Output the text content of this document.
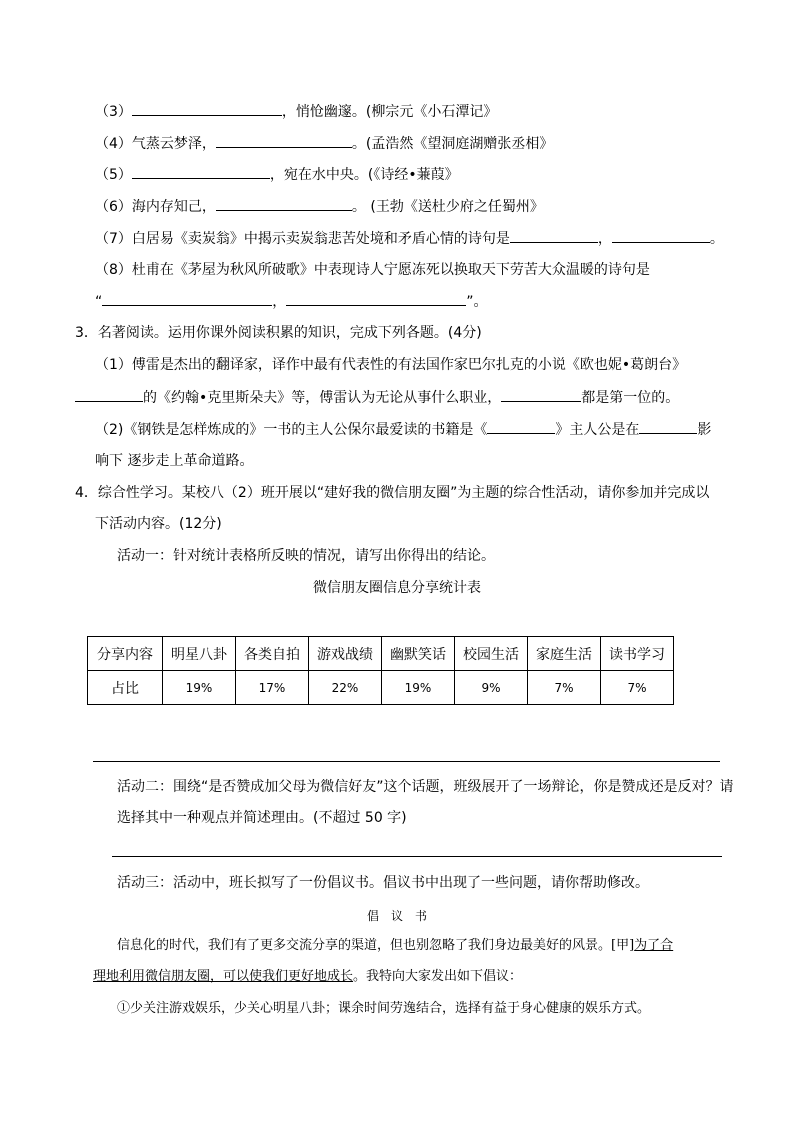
（3）	，悄怆幽邃。(柳宗元《小石潭记》
（4）气蒸云梦泽，	。(孟浩然《望洞庭湖赠张丞相》
（5）	，宛在水中央。(《诗经•蒹葭》
（6）海内存知己，	。 (王勃《送杜少府之任蜀州》
（7）白居易《卖炭翁》中揭示卖炭翁悲苦处境和矛盾心情的诗句是	，	。
（8）杜甫在《茅屋为秋风所破歌》中表现诗人宁愿冻死以换取天下劳苦大众温暖的诗句是
“	，	”。
3．名著阅读。运用你课外阅读积累的知识，完成下列各题。(4分)
（1）傅雷是杰出的翻译家，译作中最有代表性的有法国作家巴尔扎克的小说《欧也妮•葛朗台》
的《约翰•克里斯朵夫》等，傅雷认为无论从事什么职业，	都是第一位的。
（2)《钢铁是怎样炼成的》一书的主人公保尔最爱读的书籍是《	》主人公是在	影
响下 逐步走上革命道路。
4．综合性学习。某校八（2）班开展以“建好我的微信朋友圈”为主题的综合性活动，请你参加并完成以
下活动内容。(12分)
活动一：针对统计表格所反映的情况，请写出你得出的结论。
微信朋友圈信息分享统计表
分享内容	明星八卦	各类自拍	游戏战绩	幽默笑话	校园生活	家庭生活	读书学习
占比	19%	17%	22%	19%	9%	7%	7%
活动二：围绕“是否赞成加父母为微信好友”这个话题，班级展开了一场辩论，你是赞成还是反对？请
选择其中一种观点并简述理由。(不超过 50 字)
活动三：活动中，班长拟写了一份倡议书。倡议书中出现了一些问题，请你帮助修改。
倡　议　书
信息化的时代，我们有了更多交流分享的渠道，但也别忽略了我们身边最美好的风景。[甲]为了合
理地利用微信朋友圈，可以使我们更好地成长。我特向大家发出如下倡议：
①少关注游戏娱乐，少关心明星八卦；课余时间劳逸结合，选择有益于身心健康的娱乐方式。
